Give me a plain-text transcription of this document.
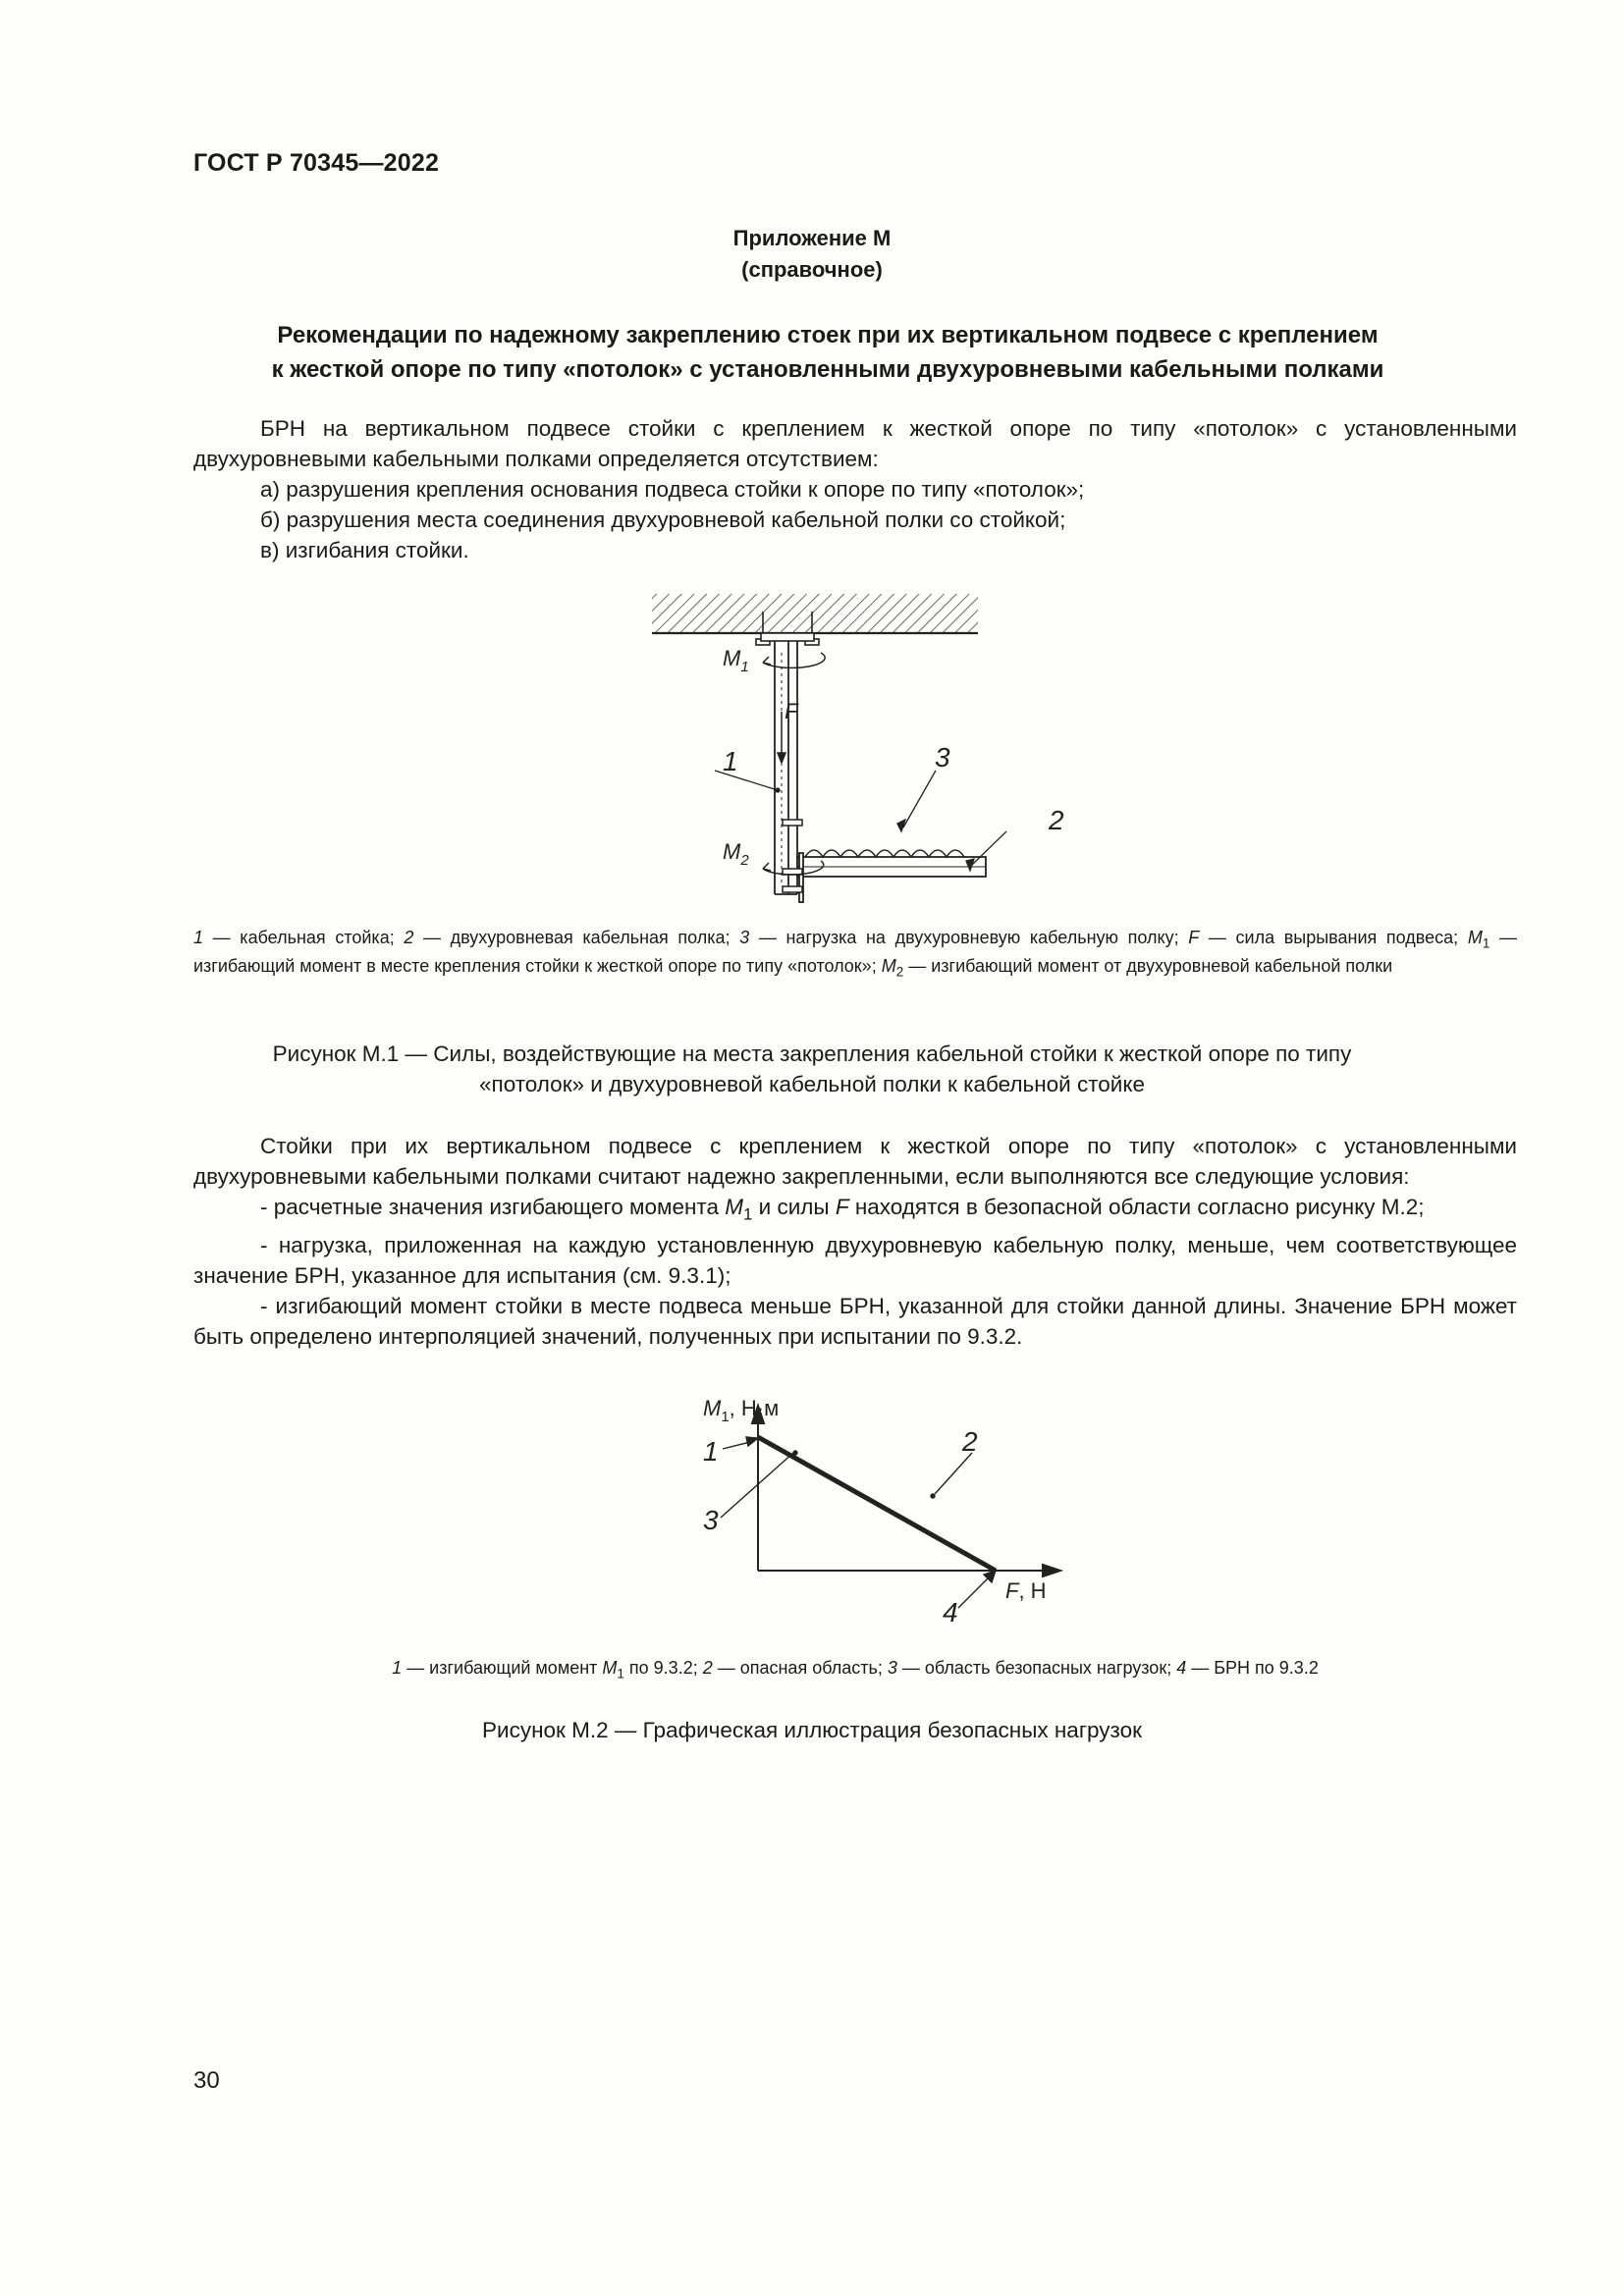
ГОСТ Р 70345—2022
Приложение М
(справочное)
Рекомендации по надежному закреплению стоек при их вертикальном подвесе с креплением
к жесткой опоре по типу «потолок» с установленными двухуровневыми кабельными полками

БРН на вертикальном подвесе стойки с креплением к жесткой опоре по типу «потолок» с установленными двухуровневыми кабельными полками определяется отсутствием:

а) разрушения крепления основания подвеса стойки к опоре по типу «потолок»;

б) разрушения места соединения двухуровневой кабельной полки со стойкой;

в) изгибания стойки.

$M_1$
F
1	3
2
$M_2$
1 — кабельная стойка; 2 — двухуровневая кабельная полка; 3 — нагрузка на двухуровневую кабельную полку; F — сила вырывания подвеса; $M_1$ — изгибающий момент в месте крепления стойки к жесткой опоре по типу «потолок»; $M_2$ — изгибающий момент от двухуровневой кабельной полки
Рисунок М.1 — Силы, воздействующие на места закрепления кабельной стойки к жесткой опоре по типу
«потолок» и двухуровневой кабельной полки к кабельной стойке

Стойки при их вертикальном подвесе с креплением к жесткой опоре по типу «потолок» с установленными двухуровневыми кабельными полками считают надежно закрепленными, если выполняются все следующие условия:

- расчетные значения изгибающего момента $M_1$ и силы F находятся в безопасной области согласно рисунку М.2;

- нагрузка, приложенная на каждую установленную двухуровневую кабельную полку, меньше, чем соответствующее значение БРН, указанное для испытания (см. 9.3.1);

- изгибающий момент стойки в месте подвеса меньше БРН, указанной для стойки данной длины. Значение БРН может быть определено интерполяцией значений, полученных при испытании по 9.3.2.

$M_1$, Н·м
F, Н
1	2
3
4
1 — изгибающий момент $M_1$ по 9.3.2; 2 — опасная область; 3 — область безопасных нагрузок; 4 — БРН по 9.3.2
Рисунок М.2 — Графическая иллюстрация безопасных нагрузок
30
